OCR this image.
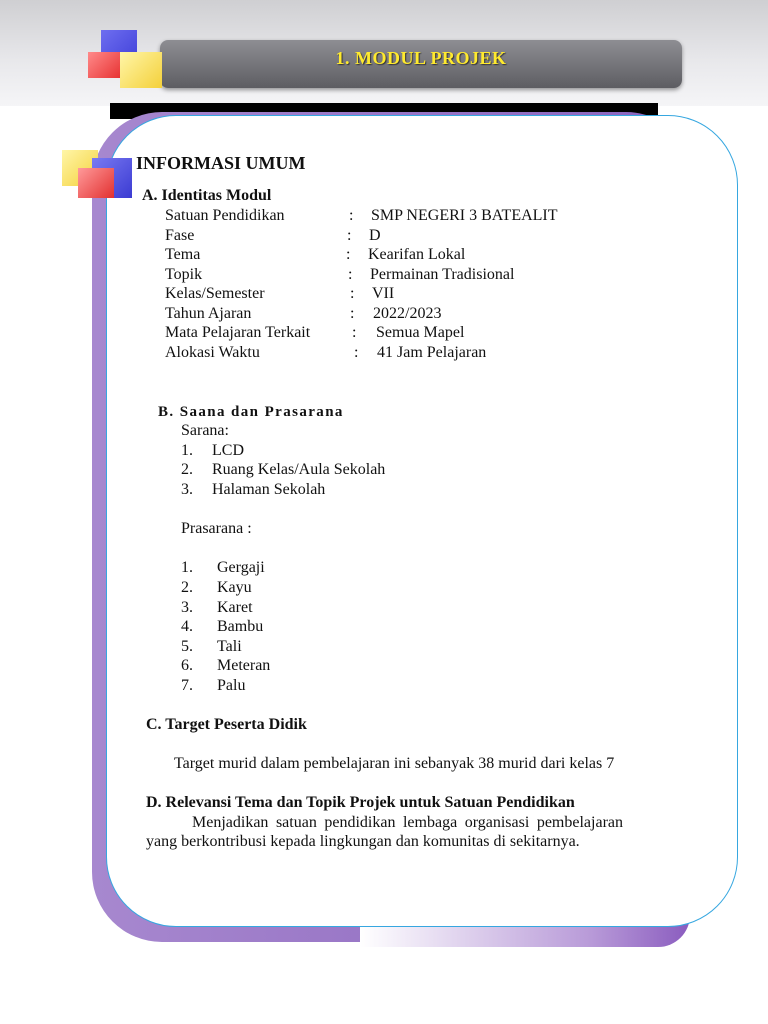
1. MODUL PROJEK
INFORMASI UMUM
A. Identitas Modul
Satuan Pendidikan	: SMP NEGERI 3 BATEALIT
Fase	: D
Tema	: Kearifan Lokal
Topik	: Permainan Tradisional
Kelas/Semester	: VII
Tahun Ajaran	: 2022/2023
Mata Pelajaran Terkait	: Semua Mapel
Alokasi Waktu	: 41 Jam Pelajaran
B. Saana dan Prasarana
Sarana:
1. LCD
2. Ruang Kelas/Aula Sekolah
3. Halaman Sekolah
Prasarana :
1. Gergaji
2. Kayu
3. Karet
4. Bambu
5. Tali
6. Meteran
7. Palu
C. Target Peserta Didik
Target murid dalam pembelajaran ini sebanyak 38 murid dari kelas 7
D. Relevansi Tema dan Topik Projek untuk Satuan Pendidikan

Menjadikan satuan pendidikan lembaga organisasi pembelajaran yang berkontribusi kepada lingkungan dan komunitas di sekitarnya.
